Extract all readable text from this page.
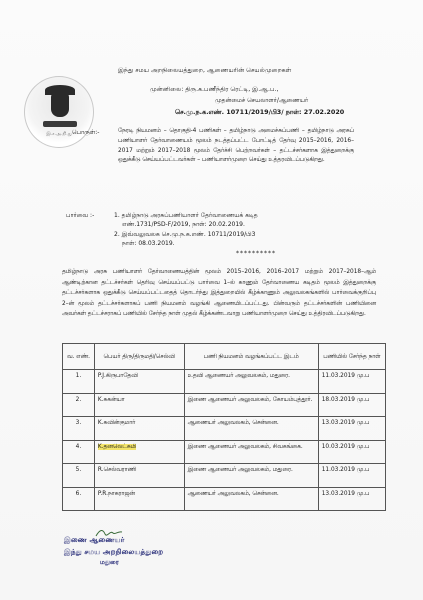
இந்து சமய அறநிலையத்துறை, ஆணையரின் செயல்முறைகள்
இ.ச.அ.நி.து
முன்னிலை: திரு.க.பணீந்திர ரெட்டி, இ.ஆ.ப.,
முதன்மைச் செயலாளர்/ஆணையர்
செ.மு.ந.க.எண். 10711/2019/பி3/ நாள்: 27.02.2020
பொருள்:-	நேரடி நியமனம் – தொகுதி-4 பணிகள் – தமிழ்நாடு அமைச்சுப்பணி – தமிழ்நாடு அரசுப் பணியாளர் தேர்வாணையம் மூலம் நடத்தப்பட்ட போட்டித் தேர்வு 2015–2016, 2016–2017 மற்றும் 2017–2018 மூலம் தேர்ச்சி பெற்றவர்கள் – தட்டச்சர்களாக இத்துறைக்கு ஒதுக்கீடு செய்யப்பட்டவர்கள் – பணியாளர்முறை செய்து உத்தரவிடப்படுகிறது.
பார்வை :-	1. தமிழ்நாடு அரசுப்பணியாளர் தேர்வாணையக் கடித
எண்.1731/PSD-F/2019, நாள்: 20.02.2019.
2. இவ்வலுவலக செ.மு.ந.க.எண். 10711/2019/பி3
நாள்: 08.03.2019.
**********
தமிழ்நாடு அரசு பணியாளர் தேர்வாணையத்தின் மூலம் 2015–2016, 2016–2017 மற்றும் 2017–2018–ஆம் ஆண்டிற்கான தட்டச்சர்கள் தெரிவு செய்யப்பட்டு பார்வை 1–ல் காணும் தேர்வாணைய கடிதம் மூலம் இத்துறைக்கு தட்டச்சர்களாக ஒதுக்கீடு செய்யப்பட்டதைத் தொடர்ந்து இத்துறையில் கீழ்க்காணும் அலுவலகங்களில் பார்வைக்குறிப்பு 2–ன் மூலம் தட்டச்சர்களாகப் பணி நியமனம் வழங்கி ஆணையிடப்பட்டது. பின்வரும் தட்டச்சர்களின் பணியினை அவர்கள் தட்டச்சராகப் பணியில் சேர்ந்த நாள் முதல் கீழ்க்கண்டவாறு பணியாளர்முறை செய்து உத்திரவிடப்படுகிறது.
வ. எண்.	பெயர் திரு/திருமதி/செல்வி	பணி நியமனம் வழங்கப்பட்ட இடம்	பணியில் சேர்ந்த நாள்
1.	P.J.கிருபாதேவி	உதவி ஆணையர் அலுவலகம், மதுரை.	11.03.2019 மு.ப
2.	K.சுகன்யா	இணை ஆணையர் அலுவலகம், கோயம்புத்தூர்.	18.03.2019 மு.ப
3.	K.கவின்குமார்	ஆணையர் அலுவலகம், சென்னை.	13.03.2019 மு.ப
4.	K.தனலெட்சுமி	இணை ஆணையர் அலுவலகம், சிவகங்கை.	10.03.2019 மு.ப
5.	R.செல்வராணி	இணை ஆணையர் அலுவலகம், மதுரை.	11.03.2019 மு.ப
6.	P.R.நாகராஜன்	ஆணையர் அலுவலகம், சென்னை.	13.03.2019 மு.ப
இணை ஆணையர்
இந்து சமய அறநிலையத்துறை
மதுரை
